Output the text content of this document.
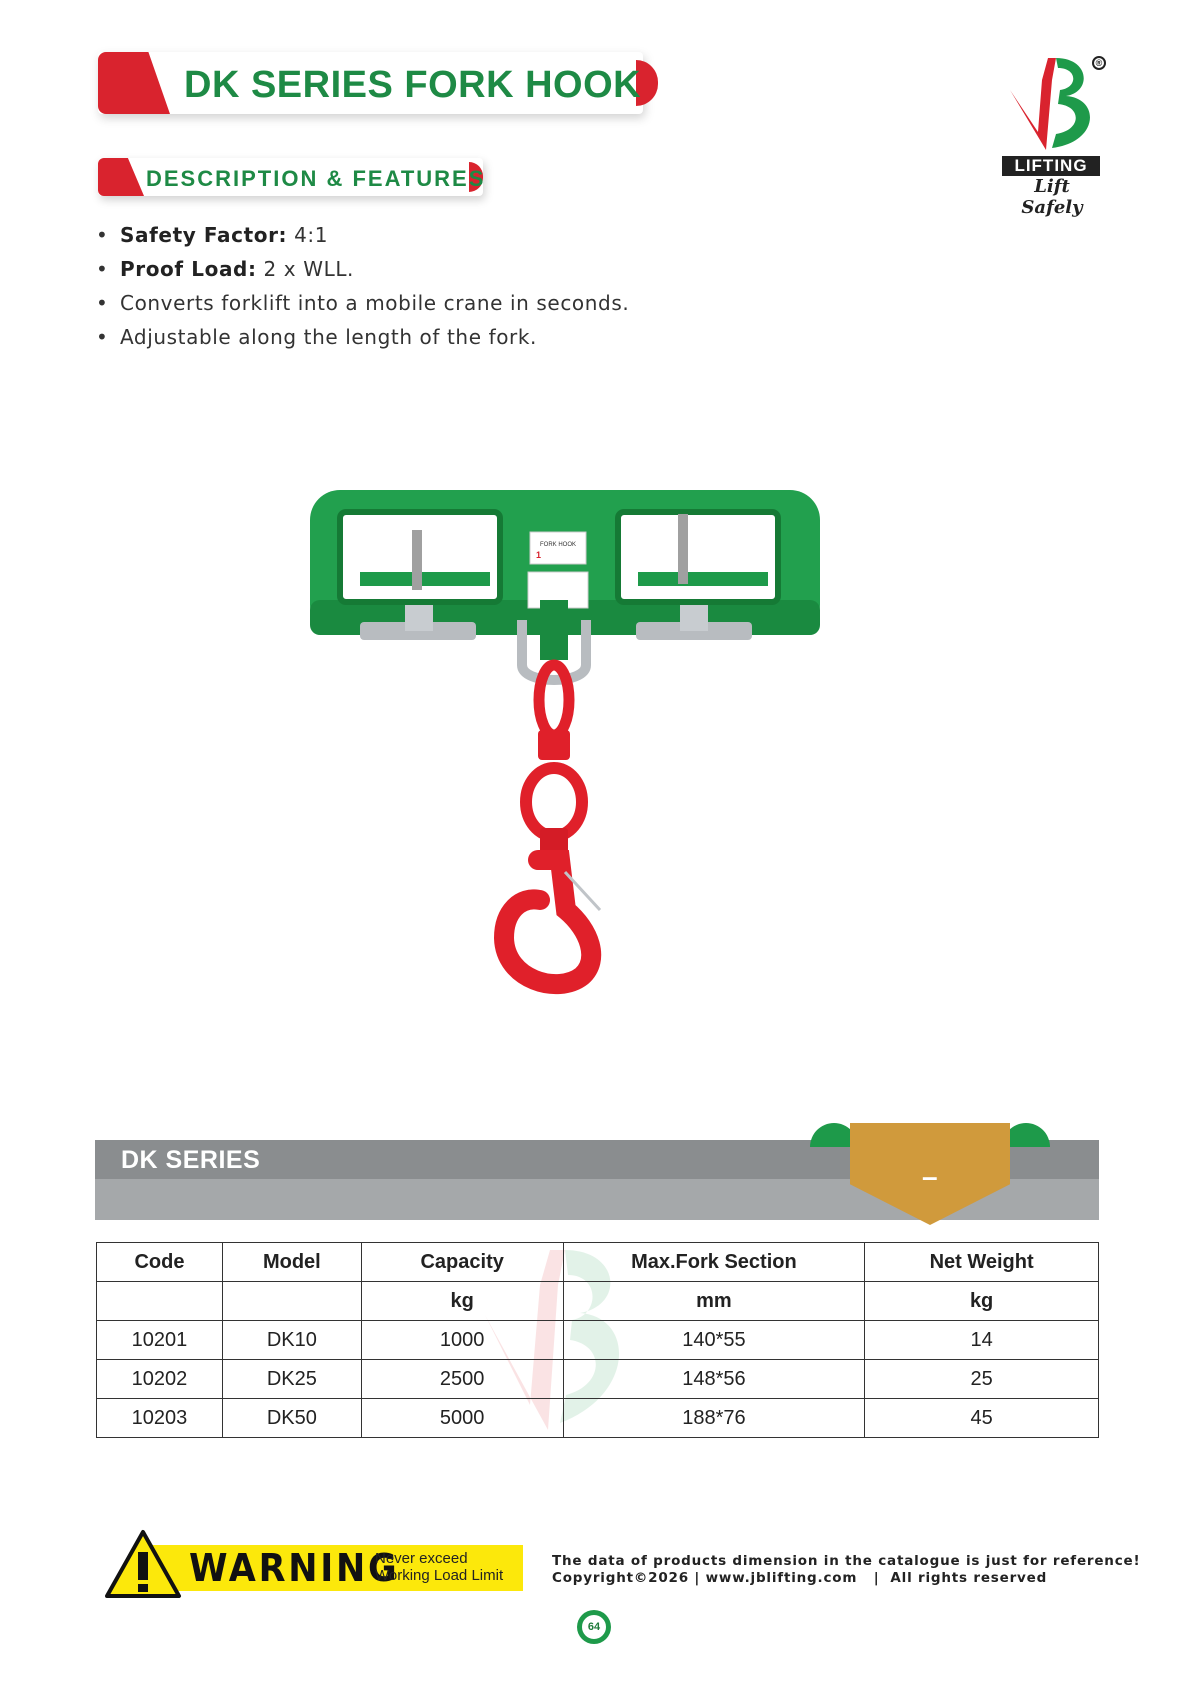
DK SERIES FORK HOOK
DESCRIPTION & FEATURES
®
LIFTING
Lift Safely
• Safety Factor: 4:1
• Proof Load: 2 x WLL.
• Converts forklift into a mobile crane in seconds.
• Adjustable along the length of the fork.
FORK HOOK
1
DK SERIES
–
Code	Model	Capacity	Max.Fork Section	Net Weight
		kg	mm	kg
10201	DK10	1000	140*55	14
10202	DK25	2500	148*56	25
10203	DK50	5000	188*76	45
WARNING
Never exceed Working Load Limit
The data of products dimension in the catalogue is just for reference!
Copyright©2026 | www.jblifting.com   |  All rights reserved
64
